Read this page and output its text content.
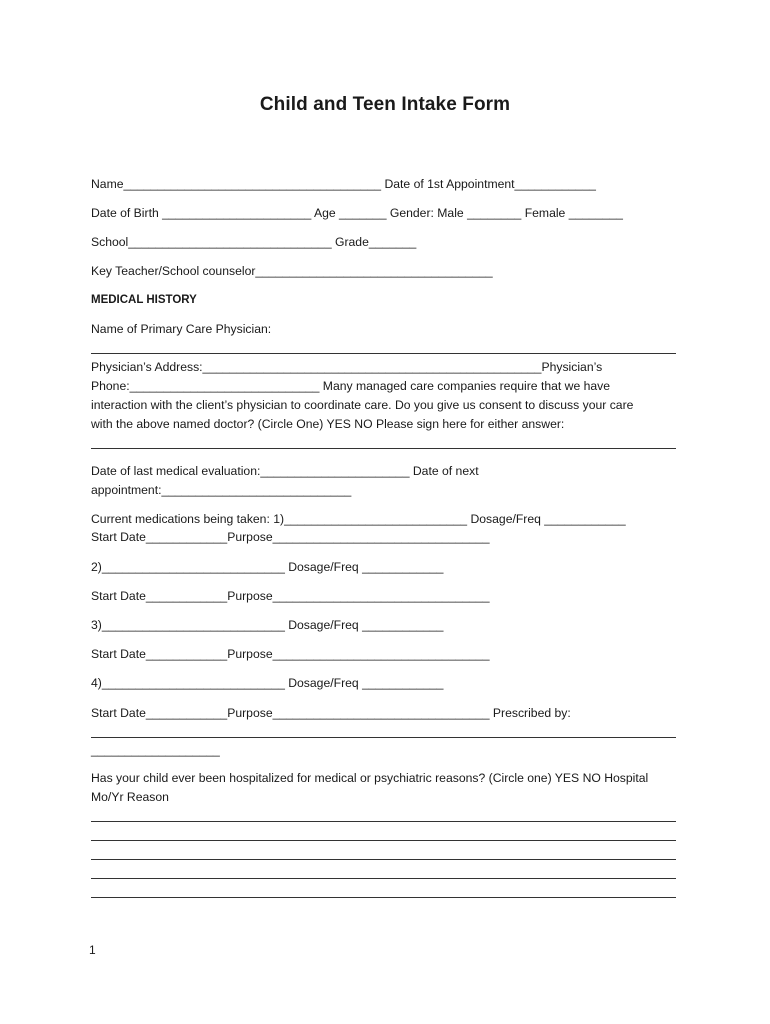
Child and Teen Intake Form
Name______________________________________ Date of 1st Appointment____________
Date of Birth ______________________ Age _______ Gender: Male ________ Female ________
School______________________________ Grade_______
Key Teacher/School counselor___________________________________
MEDICAL HISTORY
Name of Primary Care Physician:
Physician’s Address:__________________________________________________Physician’s
Phone:____________________________ Many managed care companies require that we have
interaction with the client’s physician to coordinate care. Do you give us consent to discuss your care
with the above named doctor? (Circle One) YES NO Please sign here for either answer:
Date of last medical evaluation:______________________ Date of next
appointment:____________________________
Current medications being taken: 1)___________________________ Dosage/Freq ____________
Start Date____________Purpose________________________________
2)___________________________ Dosage/Freq ____________
Start Date____________Purpose________________________________
3)___________________________ Dosage/Freq ____________
Start Date____________Purpose________________________________
4)___________________________ Dosage/Freq ____________
Start Date____________Purpose________________________________ Prescribed by:
___________________
Has your child ever been hospitalized for medical or psychiatric reasons? (Circle one) YES NO Hospital
Mo/Yr Reason
1
